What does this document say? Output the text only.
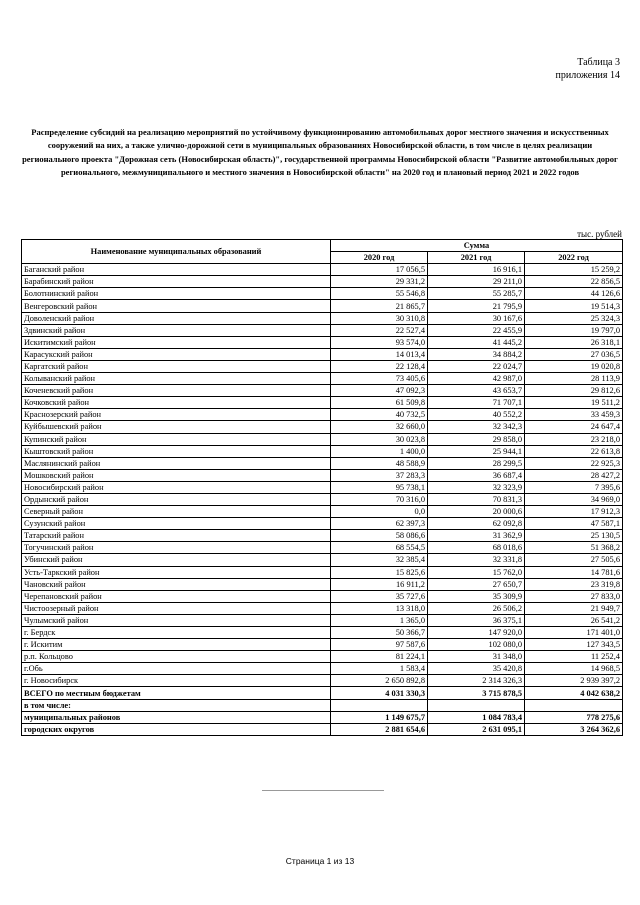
Таблица 3
приложения 14
Распределение субсидий на реализацию мероприятий по устойчивому функционированию автомобильных дорог местного значения и искусственных сооружений на них, а также улично-дорожной сети в муниципальных образованиях Новосибирской области, в том числе в целях реализации регионального проекта "Дорожная сеть (Новосибирская область)", государственной программы Новосибирской области "Развитие автомобильных дорог регионального, межмуниципального и местного значения в Новосибирской области" на 2020 год и плановый период 2021 и 2022 годов
тыс. рублей
Наименование муниципальных образований	Сумма		
	2020 год	2021 год	2022 год
Баганский район	17 056,5	16 916,1	15 259,2
Барабинский район	29 331,2	29 211,0	22 856,5
Болотнинский район	55 546,8	55 285,7	44 126,6
Венгеровский район	21 865,7	21 795,9	19 514,3
Доволенский район	30 310,8	30 167,6	25 324,3
Здвинский район	22 527,4	22 455,9	19 797,0
Искитимский район	93 574,0	41 445,2	26 318,1
Карасукский район	14 013,4	34 884,2	27 036,5
Каргатский район	22 128,4	22 024,7	19 020,8
Колыванский район	73 405,6	42 987,0	28 113,9
Коченевский район	47 092,3	43 653,7	29 812,6
Кочковский район	61 509,8	71 707,1	19 511,2
Краснозерский район	40 732,5	40 552,2	33 459,3
Куйбышевский район	32 660,0	32 342,3	24 647,4
Купинский район	30 023,8	29 858,0	23 218,0
Кыштовский район	1 400,0	25 944,1	22 613,8
Маслянинский район	48 588,9	28 299,5	22 925,3
Мошковский район	37 283,3	36 687,4	28 427,2
Новосибирский район	95 738,1	32 323,9	7 395,6
Ордынский район	70 316,0	70 831,3	34 969,0
Северный район	0,0	20 000,6	17 912,3
Сузунский район	62 397,3	62 092,8	47 587,1
Татарский район	58 086,6	31 362,9	25 130,5
Тогучинский район	68 554,5	68 018,6	51 368,2
Убинский район	32 385,4	32 331,8	27 505,6
Усть-Таркский район	15 825,6	15 762,0	14 781,6
Чановский район	16 911,2	27 650,7	23 319,8
Черепановский район	35 727,6	35 309,9	27 833,0
Чистоозерный район	13 318,0	26 506,2	21 949,7
Чулымский район	1 365,0	36 375,1	26 541,2
г. Бердск	50 366,7	147 920,0	171 401,0
г. Искитим	97 587,6	102 080,0	127 343,5
р.п. Кольцово	81 224,1	31 348,0	11 252,4
г.Обь	1 583,4	35 420,8	14 968,5
г. Новосибирск	2 650 892,8	2 314 326,3	2 939 397,2
ВСЕГО по местным бюджетам	4 031 330,3	3 715 878,5	4 042 638,2
в том числе:			
муниципальных районов	1 149 675,7	1 084 783,4	778 275,6
городских округов	2 881 654,6	2 631 095,1	3 264 362,6
Страница 1 из 13
